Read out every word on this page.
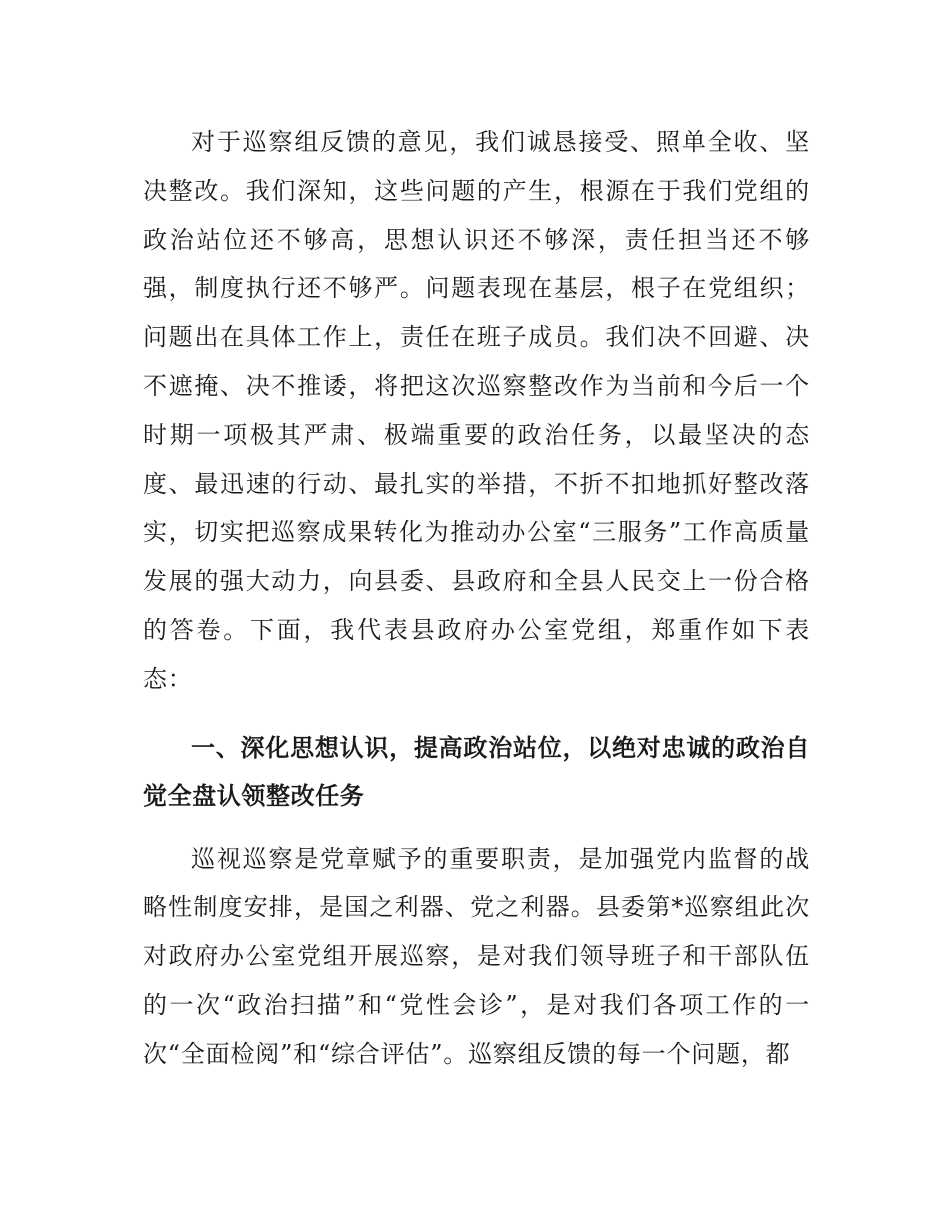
对于巡察组反馈的意见，我们诚恳接受、照单全收、坚决整改。我们深知，这些问题的产生，根源在于我们党组的政治站位还不够高，思想认识还不够深，责任担当还不够强，制度执行还不够严。问题表现在基层，根子在党组织；问题出在具体工作上，责任在班子成员。我们决不回避、决不遮掩、决不推诿，将把这次巡察整改作为当前和今后一个时期一项极其严肃、极端重要的政治任务，以最坚决的态度、最迅速的行动、最扎实的举措，不折不扣地抓好整改落实，切实把巡察成果转化为推动办公室“三服务”工作高质量发展的强大动力，向县委、县政府和全县人民交上一份合格的答卷。下面，我代表县政府办公室党组，郑重作如下表态：

一、深化思想认识，提高政治站位，以绝对忠诚的政治自觉全盘认领整改任务

巡视巡察是党章赋予的重要职责，是加强党内监督的战略性制度安排，是国之利器、党之利器。县委第*巡察组此次对政府办公室党组开展巡察，是对我们领导班子和干部队伍的一次“政治扫描”和“党性会诊”，是对我们各项工作的一次“全面检阅”和“综合评估”。巡察组反馈的每一个问题，都
